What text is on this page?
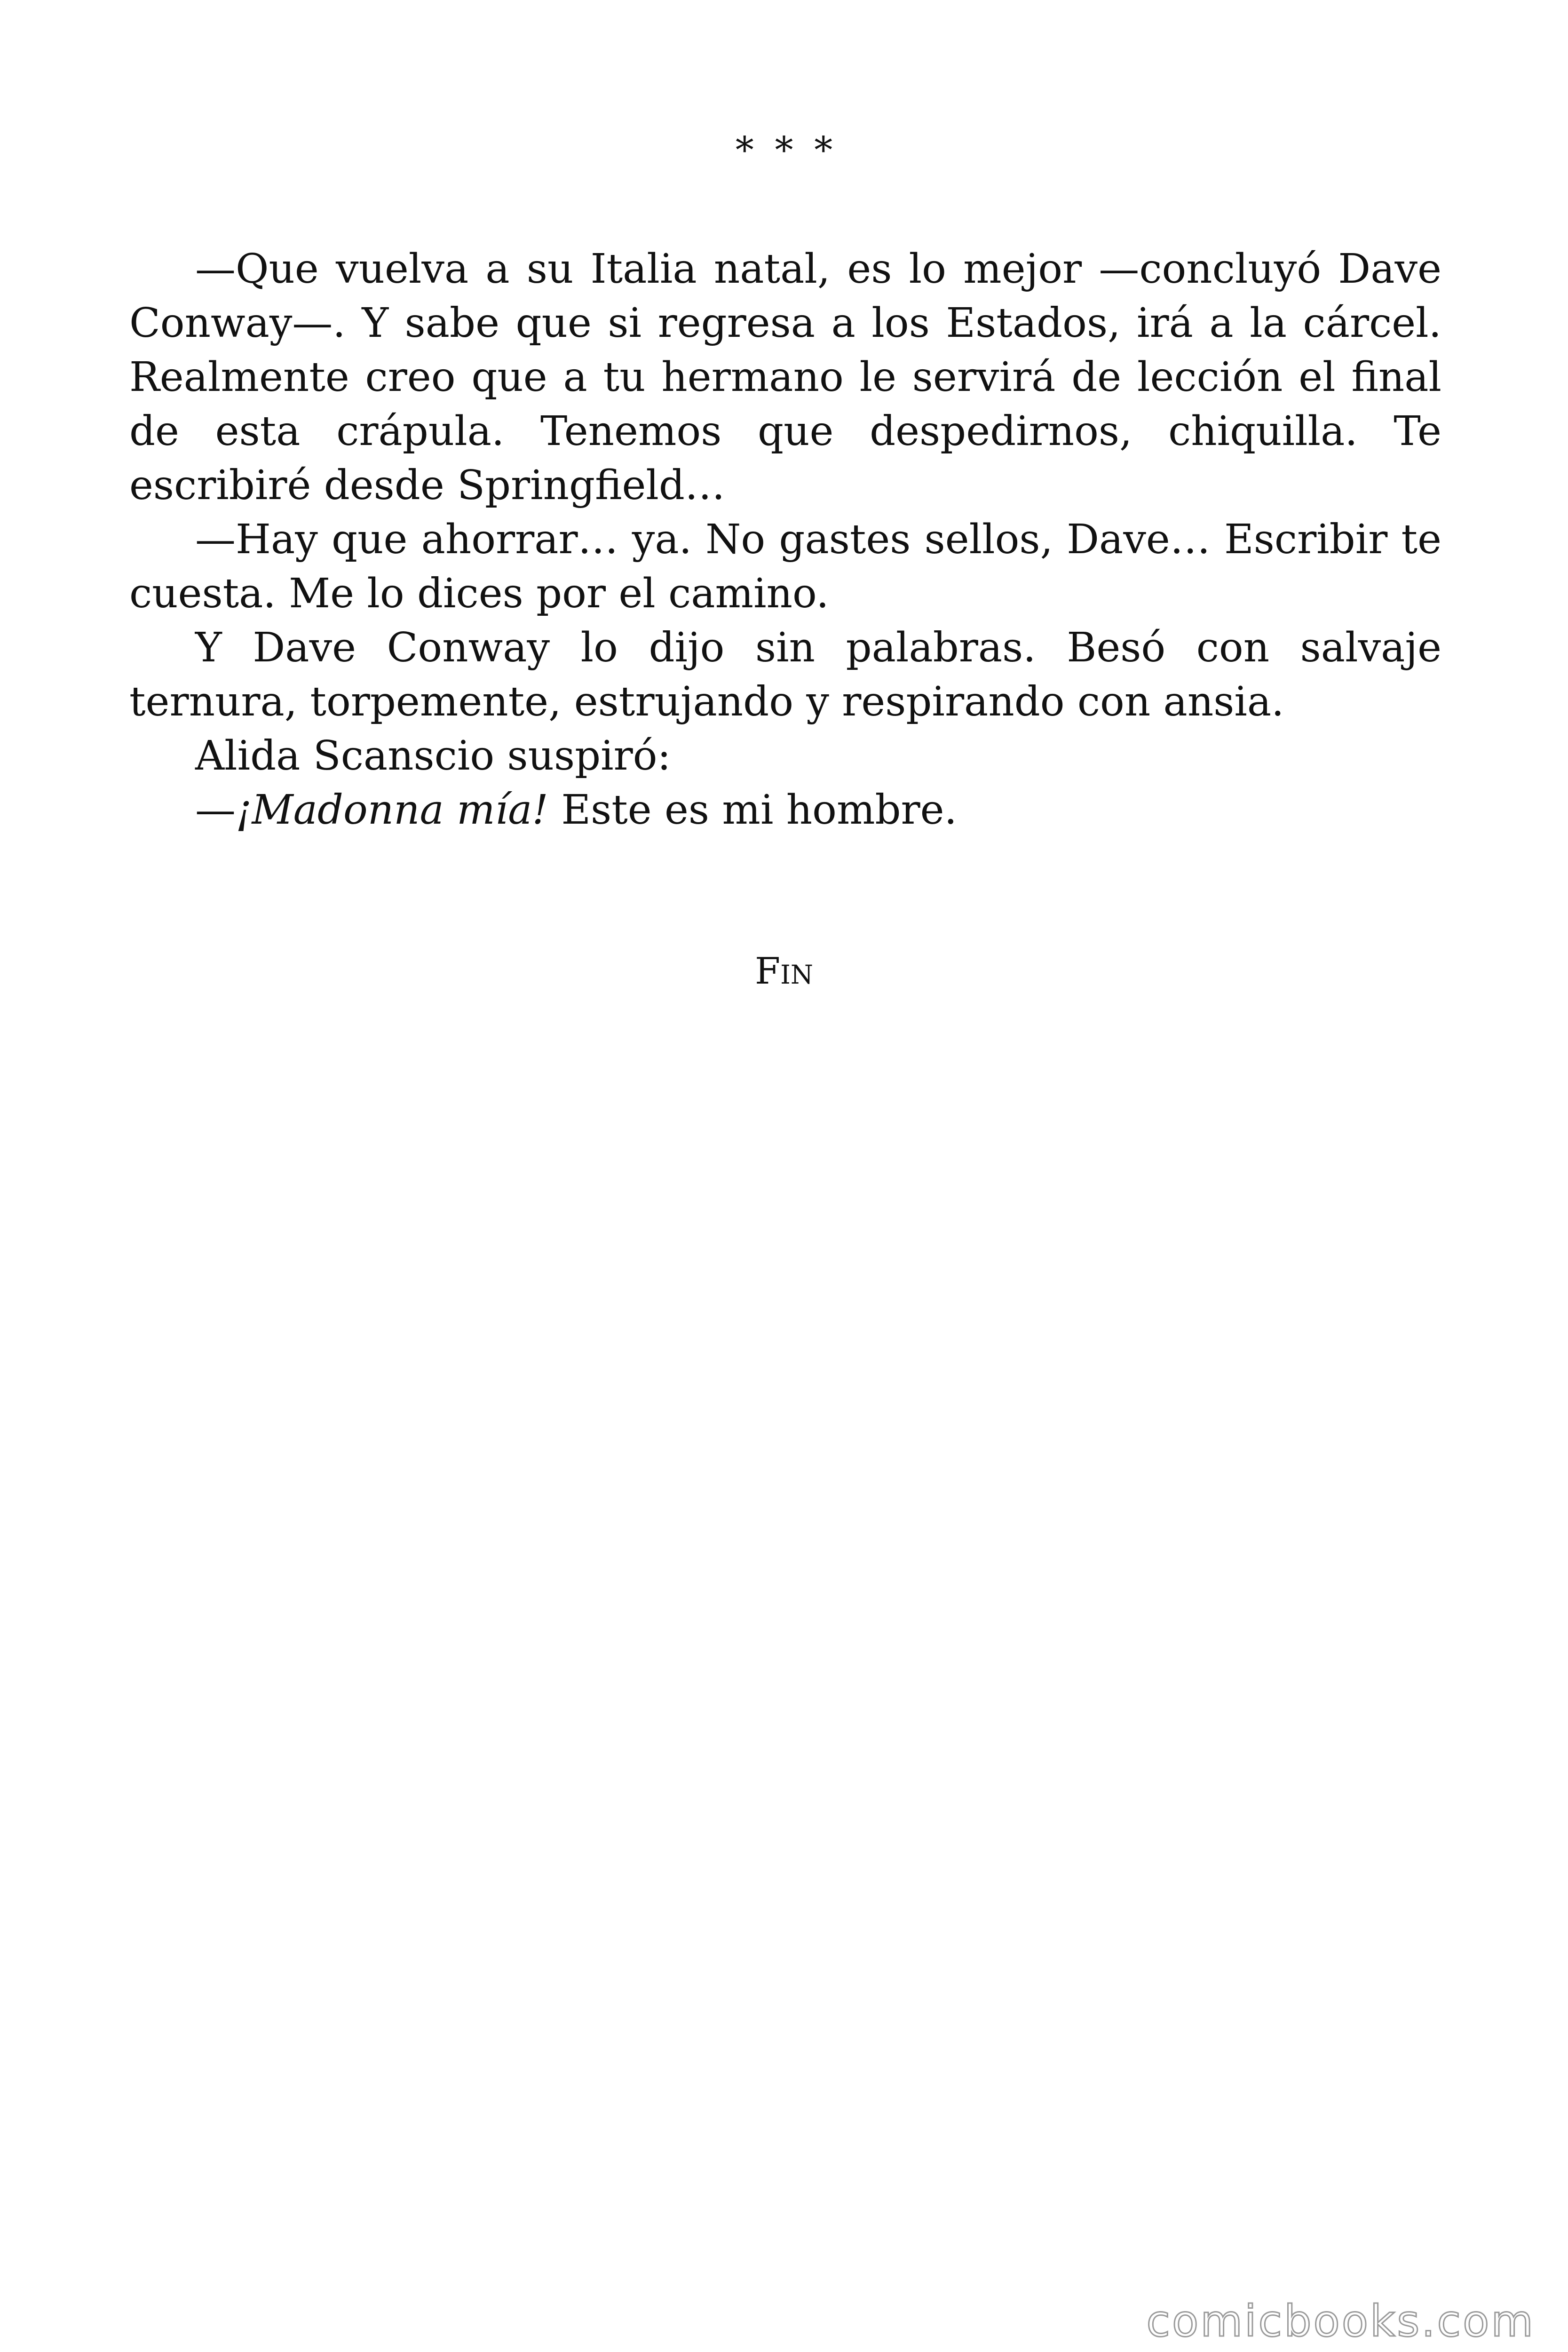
* * *

—Que vuelva a su Italia natal, es lo mejor —concluyó Dave Conway—. Y sabe que si regresa a los Estados, irá a la cárcel. Realmente creo que a tu hermano le servirá de lección el final de esta crápula. Tenemos que despedirnos, chiquilla. Te escribiré desde Springfield…

—Hay que ahorrar… ya. No gastes sellos, Dave… Escribir te cuesta. Me lo dices por el camino.

Y Dave Conway lo dijo sin palabras. Besó con salvaje ternura, torpemente, estrujando y respirando con ansia.

Alida Scanscio suspiró:

—¡Madonna mía! Este es mi hombre.

Fin
comicbooks.com
